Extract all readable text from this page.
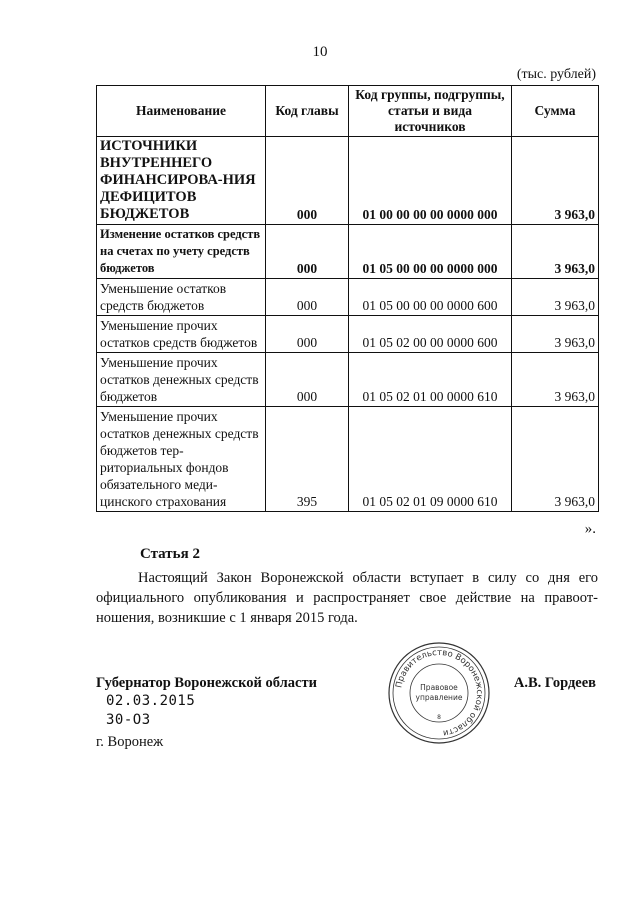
10
(тыс. рублей)
Наименование	Код главы	Код группы, подгруппы, статьи и вида источников	Сумма
ИСТОЧНИКИ ВНУТРЕННЕГО ФИНАНСИРОВА-НИЯ ДЕФИЦИТОВ БЮДЖЕТОВ	000	01 00 00 00 00 0000 000	3 963,0
Изменение остатков средств на счетах по учету средств бюджетов	000	01 05 00 00 00 0000 000	3 963,0
Уменьшение остатков средств бюджетов	000	01 05 00 00 00 0000 600	3 963,0
Уменьшение прочих остатков средств бюджетов	000	01 05 02 00 00 0000 600	3 963,0
Уменьшение прочих остатков денежных средств бюджетов	000	01 05 02 01 00 0000 610	3 963,0
Уменьшение прочих остатков денежных средств бюджетов тер-риториальных фондов обязательного меди-цинского страхования	395	01 05 02 01 09 0000 610	3 963,0
».
Статья 2

Настоящий Закон Воронежской области вступает в силу со дня его официального опубликования и распространяет свое действие на правоот-ношения, возникшие с 1 января 2015 года.

Губернатор Воронежской области	А.В. Гордеев
02.03.2015
30-ОЗ
г. Воронеж
Правительство Воронежской области
Правовое
управление
8
